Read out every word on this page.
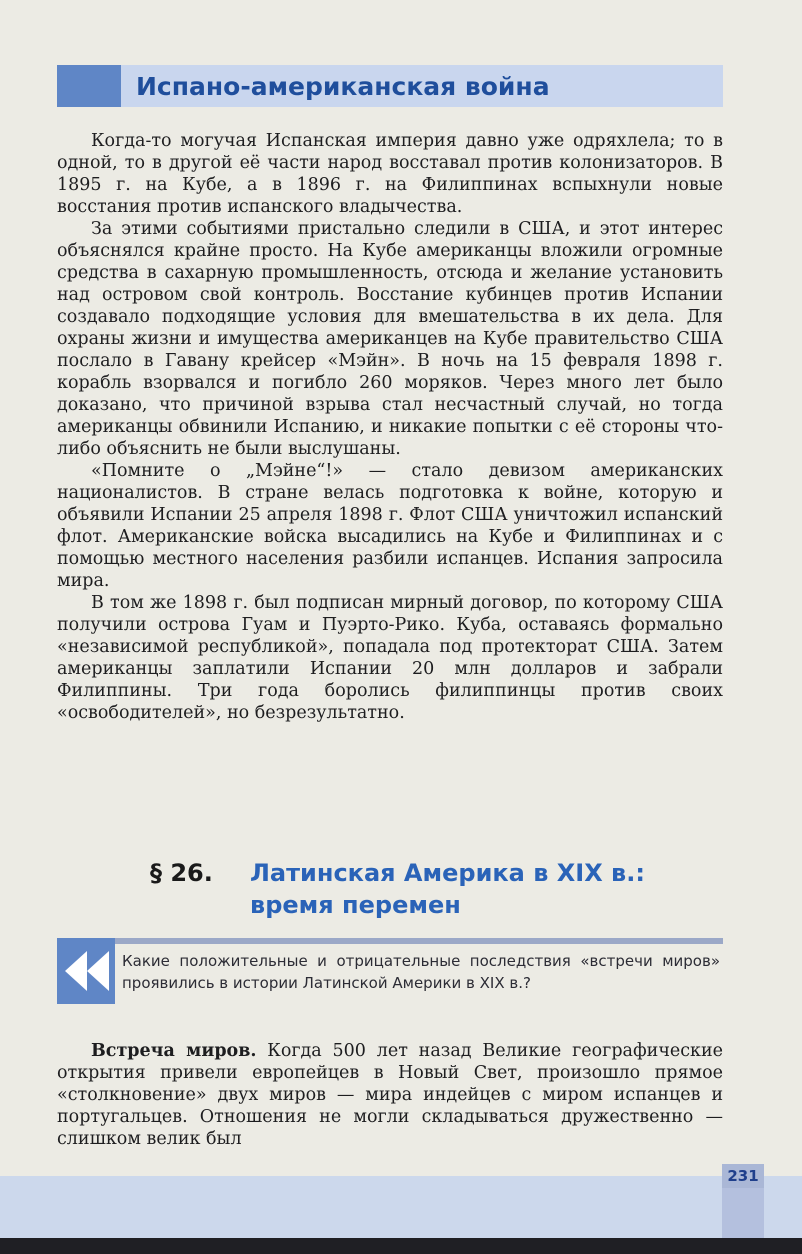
Испано-американская война

Когда-то могучая Испанская империя давно уже одряхлела; то в одной, то в другой её части народ восставал против колонизаторов. В 1895 г. на Кубе, а в 1896 г. на Филиппинах вспыхнули новые восстания против испанского владычества.

За этими событиями пристально следили в США, и этот интерес объяснялся крайне просто. На Кубе американцы вложили огромные средства в сахарную промышленность, отсюда и желание установить над островом свой контроль. Восстание кубинцев против Испании создавало подходящие условия для вмешательства в их дела. Для охраны жизни и имущества американцев на Кубе правительство США послало в Гавану крейсер «Мэйн». В ночь на 15 февраля 1898 г. корабль взорвался и погибло 260 моряков. Через много лет было доказано, что причиной взрыва стал несчастный случай, но тогда американцы обвинили Испанию, и никакие попытки с её стороны что-либо объяснить не были выслушаны.

«Помните о „Мэйне“!» — стало девизом американских националистов. В стране велась подготовка к войне, которую и объявили Испании 25 апреля 1898 г. Флот США уничтожил испанский флот. Американские войска высадились на Кубе и Филиппинах и с помощью местного населения разбили испанцев. Испания запросила мира.

В том же 1898 г. был подписан мирный договор, по которому США получили острова Гуам и Пуэрто-Рико. Куба, оставаясь формально «независимой республикой», попадала под протекторат США. Затем американцы заплатили Испании 20 млн долларов и забрали Филиппины. Три года боролись филиппинцы против своих «освободителей», но безрезультатно.

§ 26. Латинская Америка в XIX в.: время перемен

Какие положительные и отрицательные последствия «встречи миров» проявились в истории Латинской Америки в XIX в.?

Встреча миров. Когда 500 лет назад Великие географические открытия привели европейцев в Новый Свет, произошло прямое «столкновение» двух миров — мира индейцев с миром испанцев и португальцев. Отношения не могли складываться дружественно — слишком велик был

231
